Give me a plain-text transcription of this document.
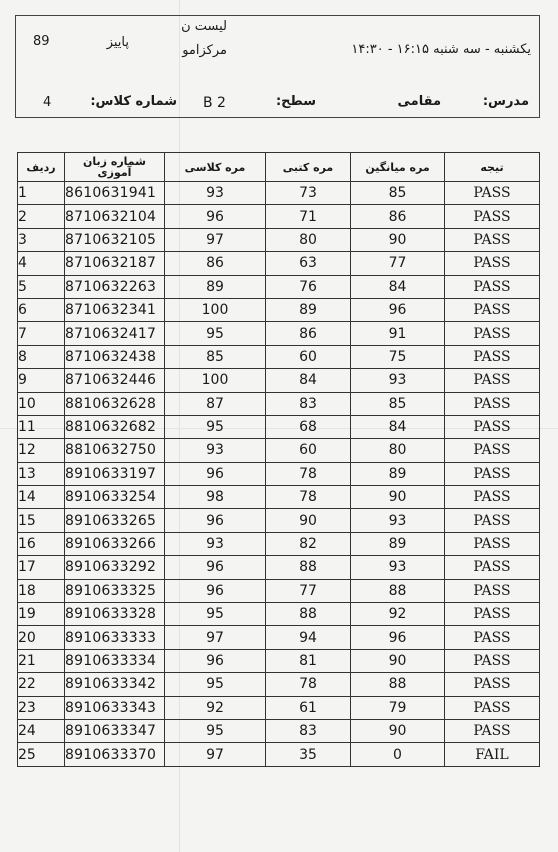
89	پاییز
لیست ن
مرکزآمو	یکشنبه - سه شنبه ۱۶:۱۵ - ۱۴:۳۰
4	شماره کلاس: B 2	سطح:	مقامی	مدرس:
ردیف	شماره زبان آموزی	مره کلاسی	مره کتبی	مره میانگین	تیجه
1	8610631941	93	73	85	PASS
2	8710632104	96	71	86	PASS
3	8710632105	97	80	90	PASS
4	8710632187	86	63	77	PASS
5	8710632263	89	76	84	PASS
6	8710632341	100	89	96	PASS
7	8710632417	95	86	91	PASS
8	8710632438	85	60	75	PASS
9	8710632446	100	84	93	PASS
10	8810632628	87	83	85	PASS
11	8810632682	95	68	84	PASS
12	8810632750	93	60	80	PASS
13	8910633197	96	78	89	PASS
14	8910633254	98	78	90	PASS
15	8910633265	96	90	93	PASS
16	8910633266	93	82	89	PASS
17	8910633292	96	88	93	PASS
18	8910633325	96	77	88	PASS
19	8910633328	95	88	92	PASS
20	8910633333	97	94	96	PASS
21	8910633334	96	81	90	PASS
22	8910633342	95	78	88	PASS
23	8910633343	92	61	79	PASS
24	8910633347	95	83	90	PASS
25	8910633370	97	35	0	FAIL
